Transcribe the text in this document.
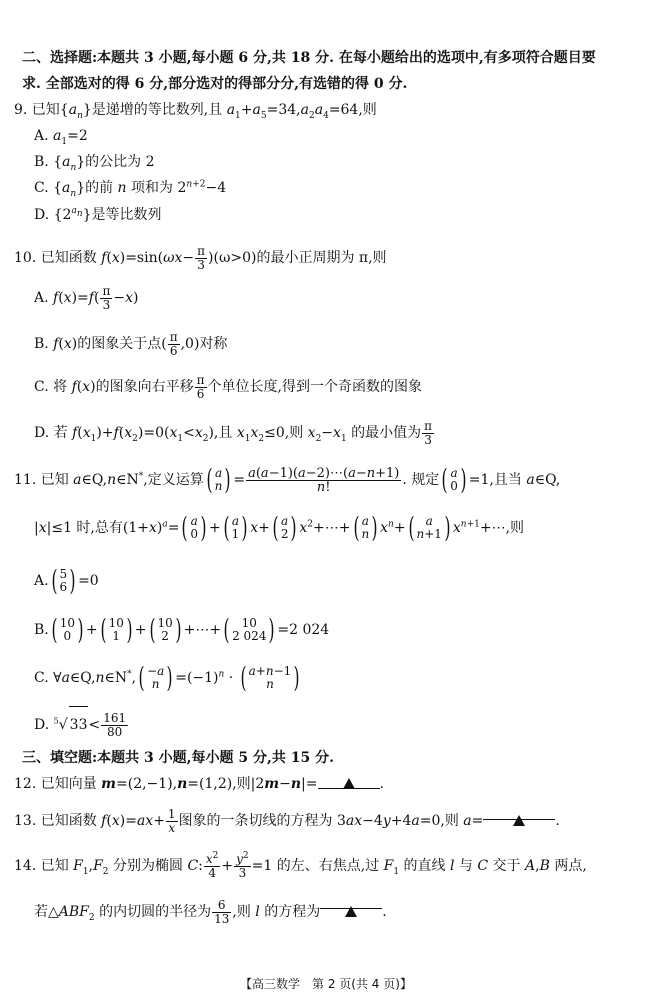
二、选择题:本题共 3 小题,每小题 6 分,共 18 分. 在每小题给出的选项中,有多项符合题目要
求. 全部选对的得 6 分,部分选对的得部分分,有选错的得 0 分.
9. 已知$\{a_n\}$是递增的等比数列,且 $a_1+a_5=34,a_2a_4=64$,则
A. $a_1=2$
B. $\{a_n\}$的公比为 2
C. $\{a_n\}$的前 n 项和为 $2^{n+2}-4$
D. $\{2^{a_n}\}$是等比数列
10. 已知函数 $f(x)=\sin(\omega x- \frac{\pi}{3} )(\omega>0)$的最小正周期为 π,则
A. $f(x)=f( \frac{\pi}{3} -x)$
B. f(x)的图象关于点( $\frac{\pi}{6} ,0$)对称
C. 将 f(x)的图象向右平移 $\frac{\pi}{6}$ 个单位长度,得到一个奇函数的图象
D. 若 $f(x_1)+f(x_2)=0(x_1<x_2)$,且 $x_1x_2\le 0$,则 $x_2-x_1$ 的最小值为 $\frac{\pi}{3}$
11. 已知 a∈Q,n∈N*,定义运算( a
n ) = $\frac{a(a-1)(a-2)\cdots(a-n+1)}{n!}$ . 规定( a
0 ) =1,且当 a∈Q,
|x|≤1 时,总有$(1+x)^a=$( a
0 ) +( a
1 ) x+( a
2 ) $x^2+\cdots+$( a
n ) $x^n+$( a
n+1 ) $x^{n+1}+\cdots$,则
A.( 5
6 ) =0
B.( 10
0 ) +( 10
1 ) +( 10
2 ) +⋯+( 10
2 024 ) =2 024
C. ∀a∈Q,n∈N*,( −a
n ) $=(-1)^n$ · ( a+n−1
n )
D. $^5$√ $33< \frac{161}{80}$
三、填空题:本题共 3 小题,每小题 5 分,共 15 分.
12. 已知向量 m=(2,−1),n=(1,2),则|2m−n|=	.
13. 已知函数 $f(x)=ax+ \frac{1}{x}$ 图象的一条切线的方程为 3ax−4y+4a=0,则 a=	.
14. 已知 $F_1,F_2$ 分别为椭圆 C: $\frac{x^2}{4} + \frac{y^2}{3} =1$ 的左、右焦点,过 $F_1$ 的直线 l 与 C 交于 A,B 两点,
若$\triangle ABF_2$ 的内切圆的半径为 $\frac{6}{13}$ ,则 l 的方程为	.
【高三数学　第 2 页(共 4 页)】
